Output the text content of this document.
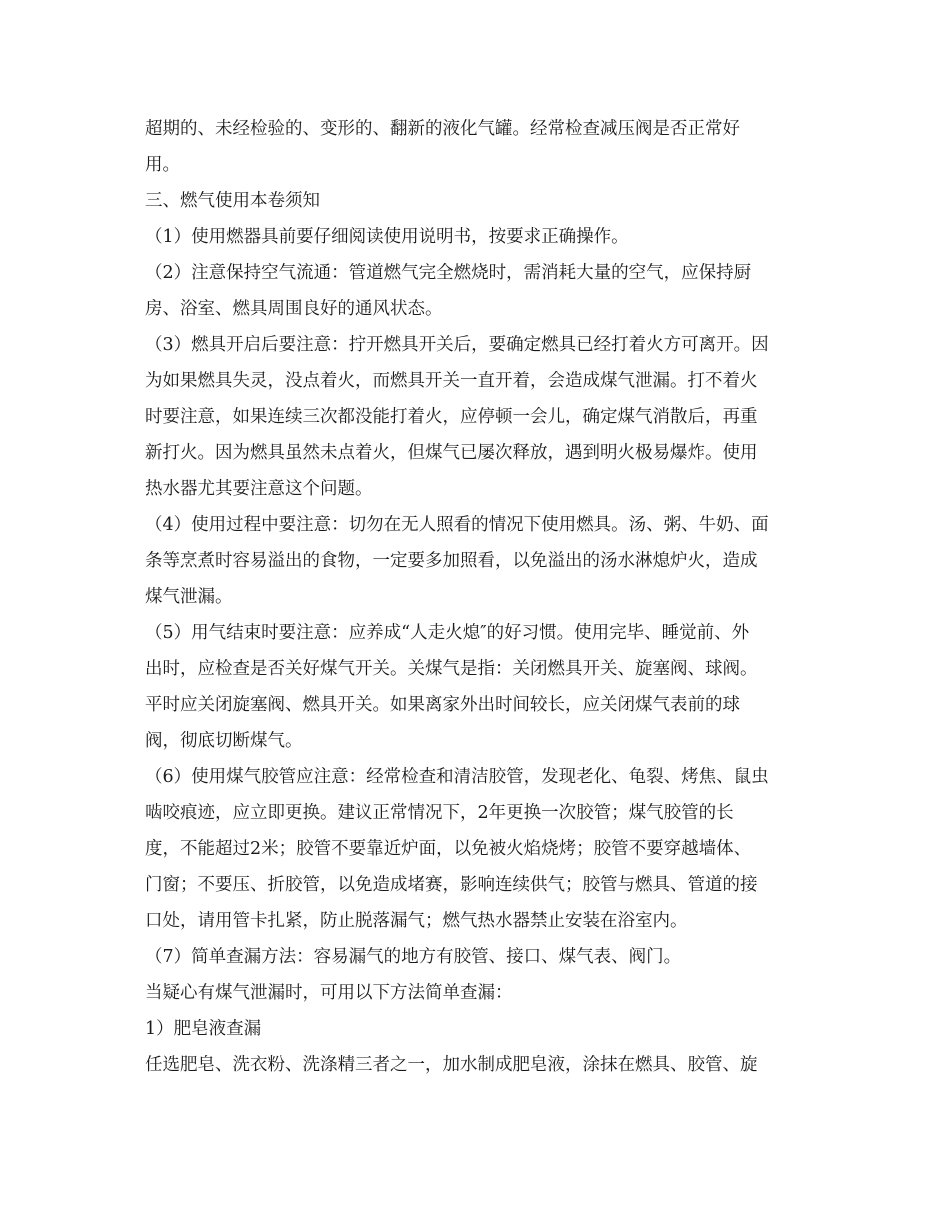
超期的、未经检验的、变形的、翻新的液化气罐。经常检查减压阀是否正常好
用。
三、燃气使用本卷须知
（1）使用燃器具前要仔细阅读使用说明书，按要求正确操作。
（2）注意保持空气流通：管道燃气完全燃烧时，需消耗大量的空气，应保持厨
房、浴室、燃具周围良好的通风状态。
（3）燃具开启后要注意：拧开燃具开关后，要确定燃具已经打着火方可离开。因
为如果燃具失灵，没点着火，而燃具开关一直开着，会造成煤气泄漏。打不着火
时要注意，如果连续三次都没能打着火，应停顿一会儿，确定煤气消散后，再重
新打火。因为燃具虽然未点着火，但煤气已屡次释放，遇到明火极易爆炸。使用
热水器尤其要注意这个问题。
（4）使用过程中要注意：切勿在无人照看的情况下使用燃具。汤、粥、牛奶、面
条等烹煮时容易溢出的食物，一定要多加照看，以免溢出的汤水淋熄炉火，造成
煤气泄漏。
（5）用气结束时要注意：应养成“人走火熄″的好习惯。使用完毕、睡觉前、外
出时，应检查是否关好煤气开关。关煤气是指：关闭燃具开关、旋塞阀、球阀。
平时应关闭旋塞阀、燃具开关。如果离家外出时间较长，应关闭煤气表前的球
阀，彻底切断煤气。
（6）使用煤气胶管应注意：经常检查和清洁胶管，发现老化、龟裂、烤焦、鼠虫
啮咬痕迹，应立即更换。建议正常情况下，2年更换一次胶管；煤气胶管的长
度，不能超过2米；胶管不要靠近炉面，以免被火焰烧烤；胶管不要穿越墙体、
门窗；不要压、折胶管，以免造成堵赛，影响连续供气；胶管与燃具、管道的接
口处，请用管卡扎紧，防止脱落漏气；燃气热水器禁止安装在浴室内。
（7）简单查漏方法：容易漏气的地方有胶管、接口、煤气表、阀门。
当疑心有煤气泄漏时，可用以下方法简单查漏：
1）肥皂液查漏
任选肥皂、洗衣粉、洗涤精三者之一，加水制成肥皂液，涂抹在燃具、胶管、旋
